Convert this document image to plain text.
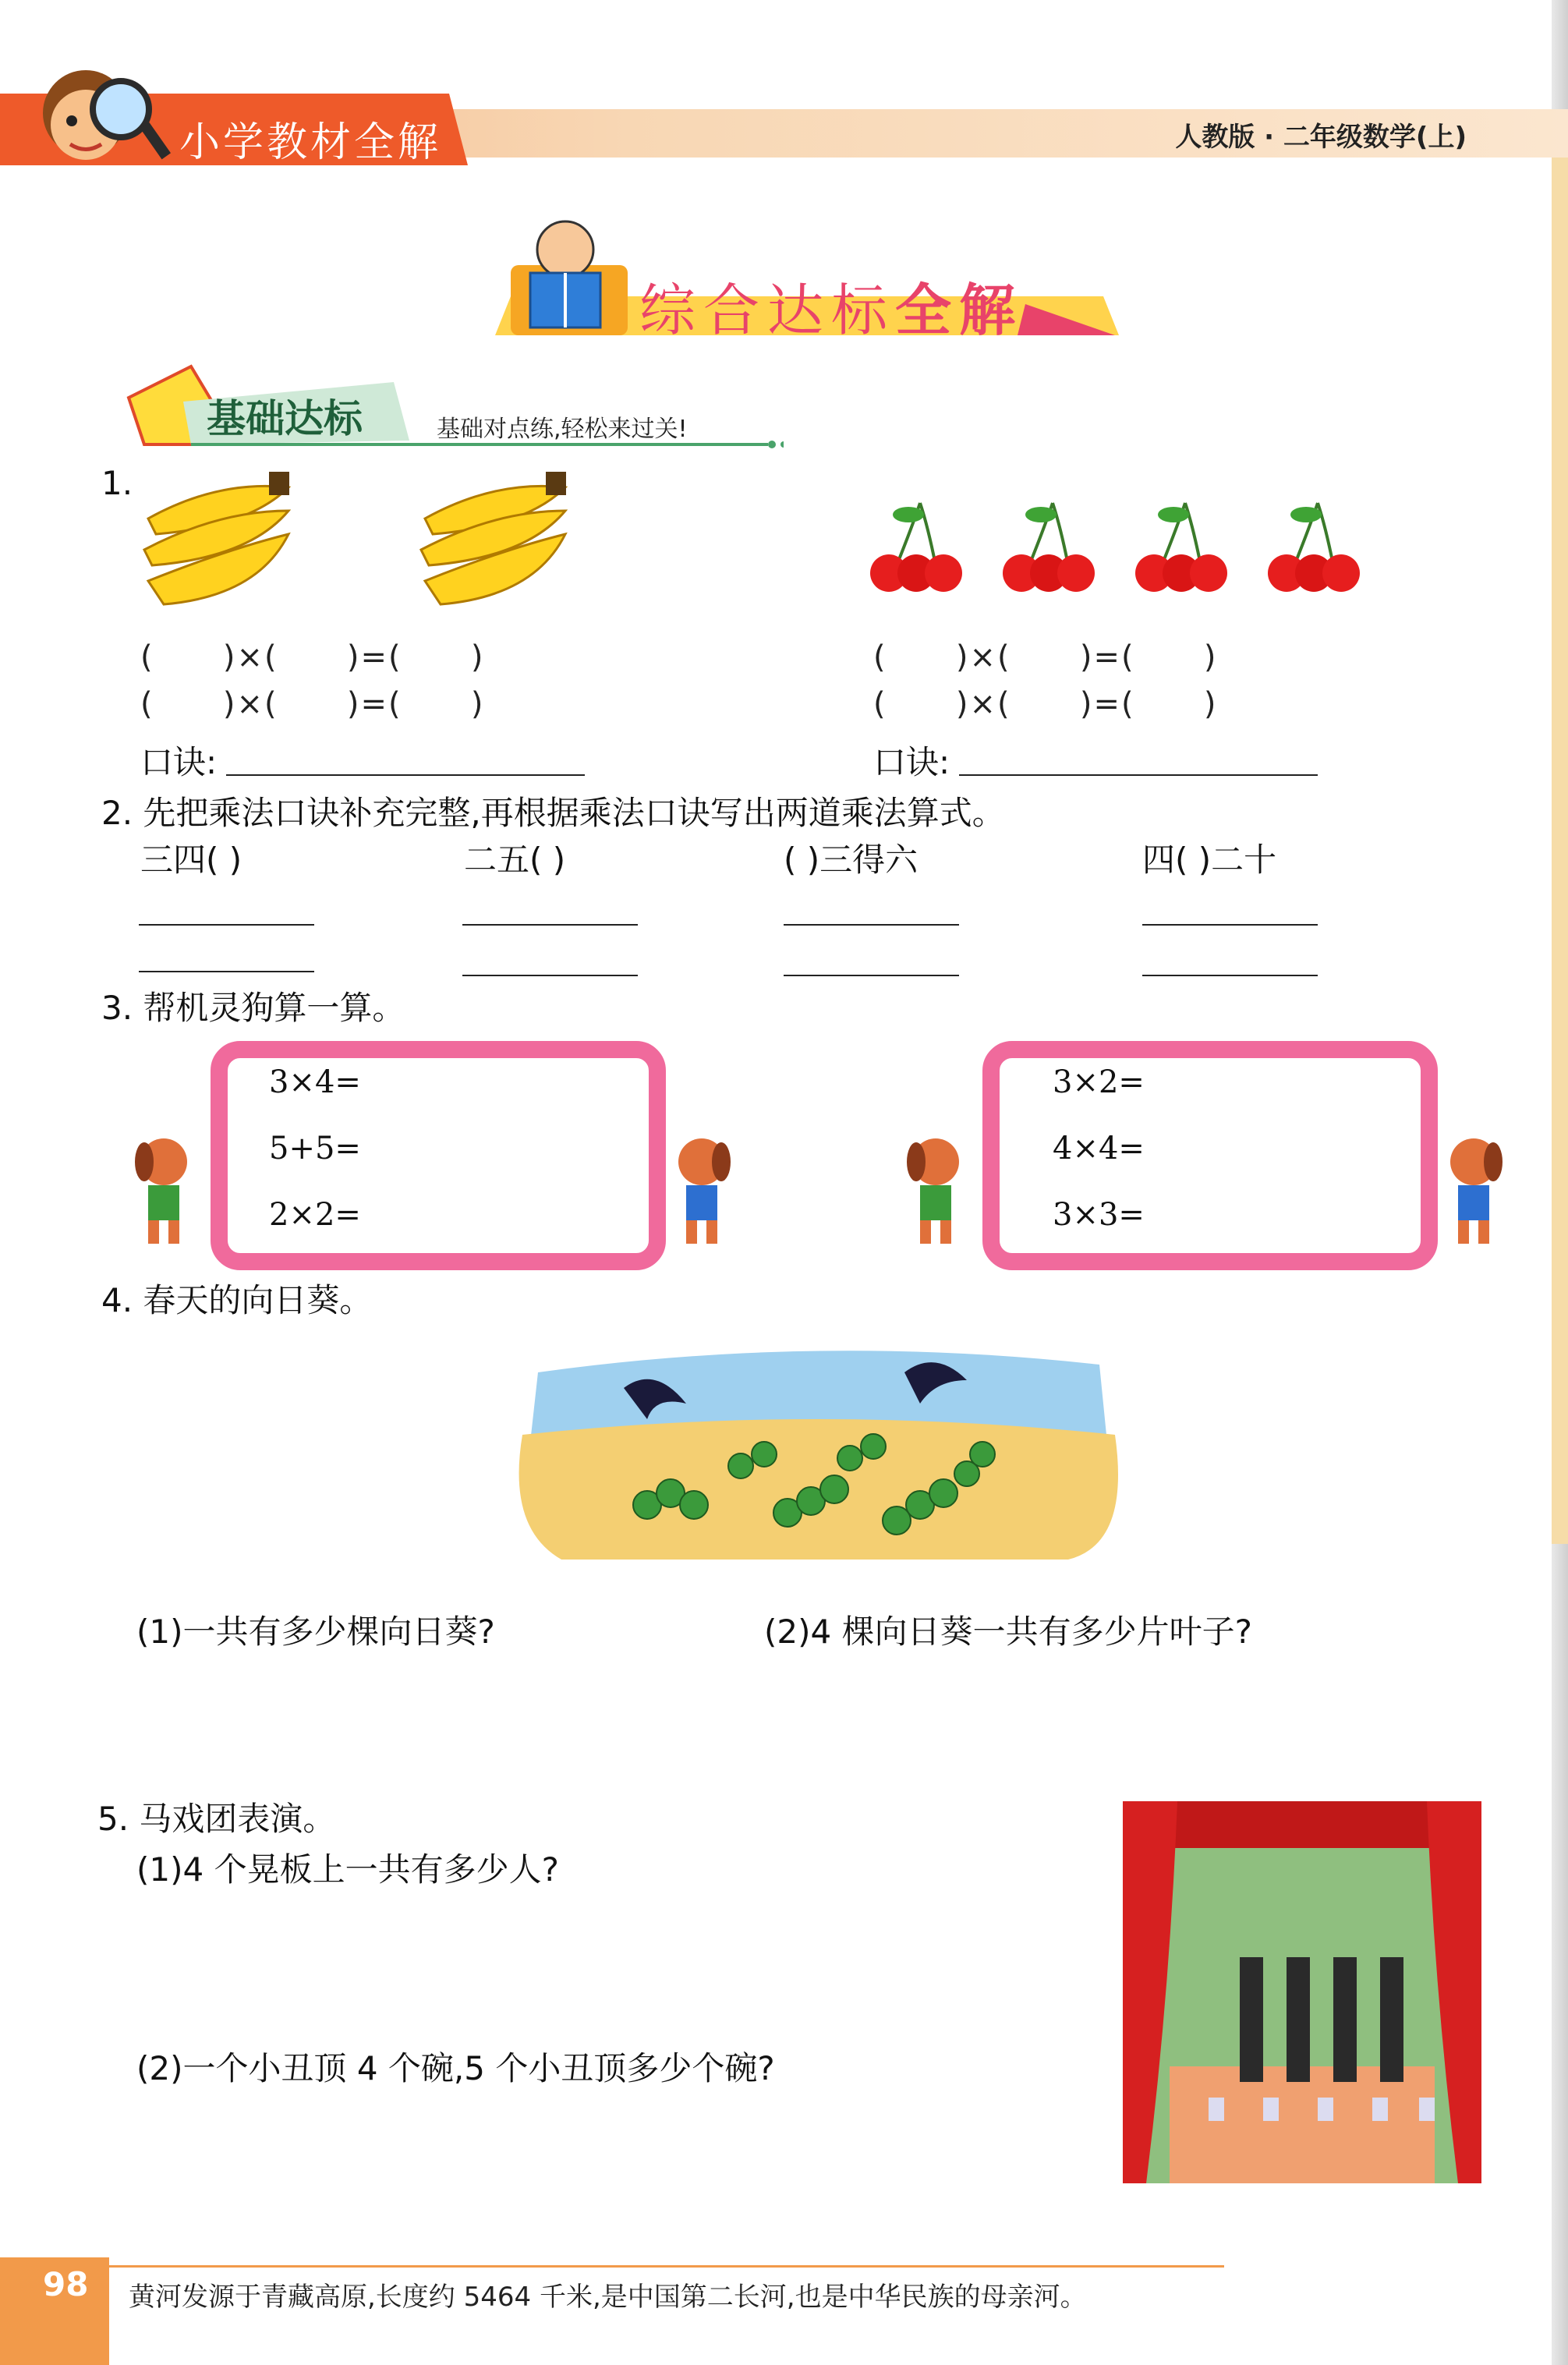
小学教材全解	人教版 · 二年级数学(上)
综合达标全解
基础达标	基础对点练,轻松来过关!
1.
(      )×(      )=(      )
(      )×(      )=(      )
口诀:
(      )×(      )=(      )
(      )×(      )=(      )
口诀:
2. 先把乘法口诀补充完整,再根据乘法口诀写出两道乘法算式。
三四( )	二五( )	( )三得六	四( )二十
3. 帮机灵狗算一算。
3×4=
5+5=
2×2=
3×2=
4×4=
3×3=
4. 春天的向日葵。
(1)一共有多少棵向日葵?	(2)4 棵向日葵一共有多少片叶子?
5. 马戏团表演。
(1)4 个晃板上一共有多少人?
(2)一个小丑顶 4 个碗,5 个小丑顶多少个碗?
98 黄河发源于青藏高原,长度约 5464 千米,是中国第二长河,也是中华民族的母亲河。
